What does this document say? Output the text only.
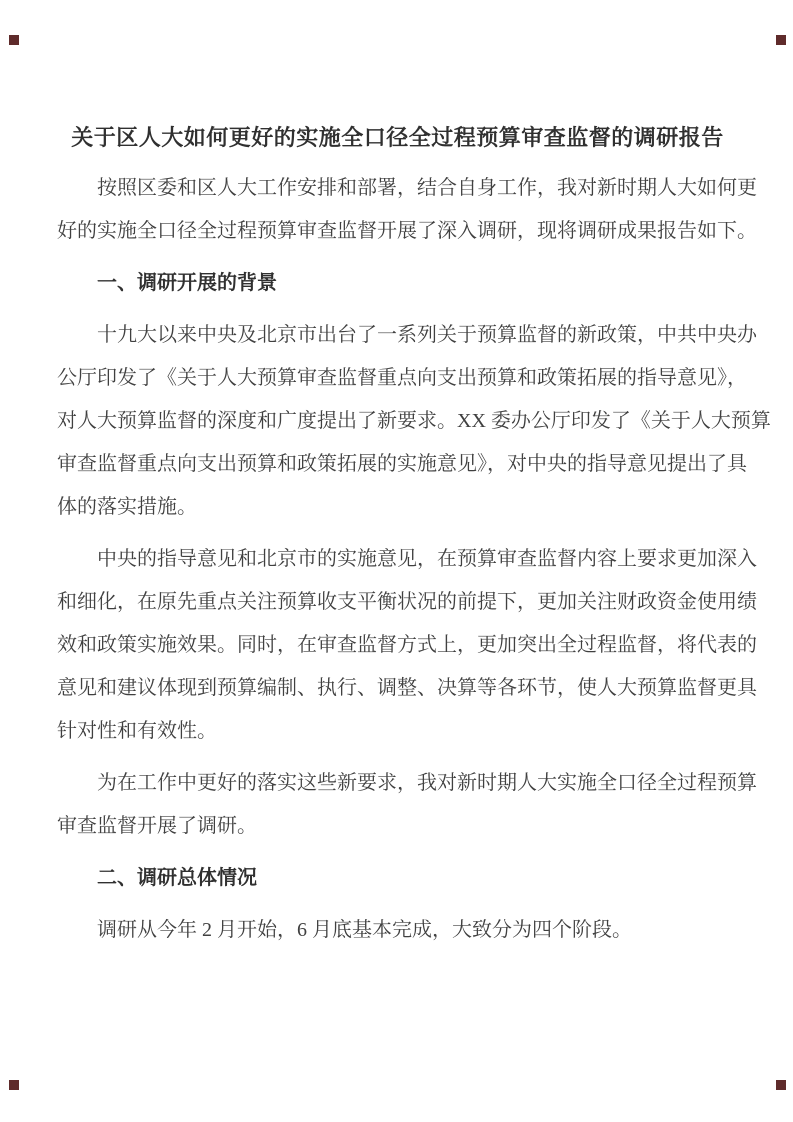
关于区人大如何更好的实施全口径全过程预算审查监督的调研报告
按照区委和区人大工作安排和部署，结合自身工作，我对新时期人大如何更
好的实施全口径全过程预算审查监督开展了深入调研，现将调研成果报告如下。
一、调研开展的背景
十九大以来中央及北京市出台了一系列关于预算监督的新政策，中共中央办
公厅印发了《关于人大预算审查监督重点向支出预算和政策拓展的指导意见》，
对人大预算监督的深度和广度提出了新要求。XX 委办公厅印发了《关于人大预算
审查监督重点向支出预算和政策拓展的实施意见》，对中央的指导意见提出了具
体的落实措施。
中央的指导意见和北京市的实施意见，在预算审查监督内容上要求更加深入
和细化，在原先重点关注预算收支平衡状况的前提下，更加关注财政资金使用绩
效和政策实施效果。同时，在审查监督方式上，更加突出全过程监督，将代表的
意见和建议体现到预算编制、执行、调整、决算等各环节，使人大预算监督更具
针对性和有效性。
为在工作中更好的落实这些新要求，我对新时期人大实施全口径全过程预算
审查监督开展了调研。
二、调研总体情况
调研从今年 2 月开始，6 月底基本完成，大致分为四个阶段。
